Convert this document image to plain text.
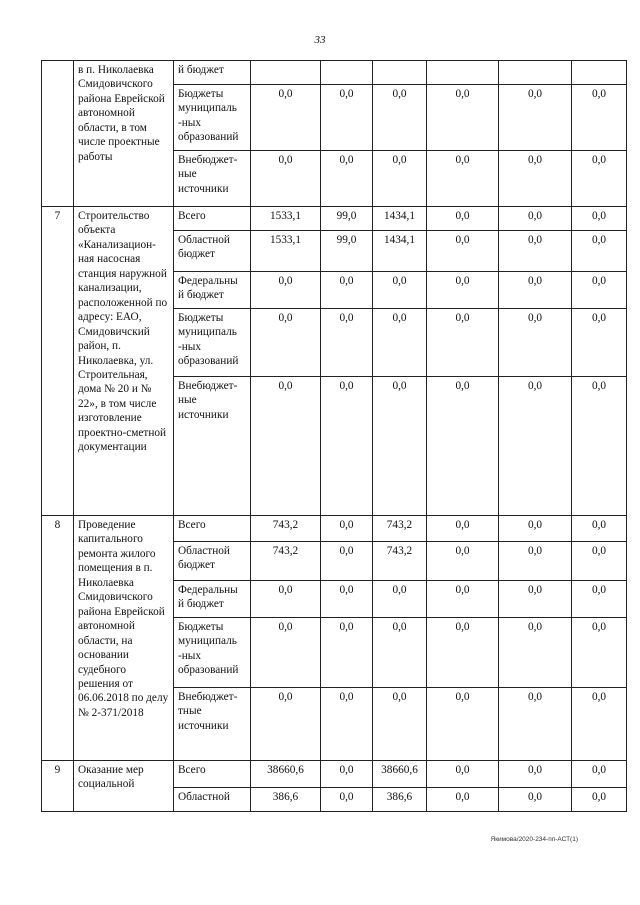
33
	в п. Николаевка Смидовичского района Еврейской автономной области, в том числе проектные работы	й бюджет						
		Бюджеты муниципаль -ных образований	0,0	0,0	0,0	0,0	0,0	0,0
		Внебюджет-ные источники	0,0	0,0	0,0	0,0	0,0	0,0
7	Строительство объекта «Канализацион-ная насосная станция наружной канализации, расположенной по адресу: ЕАО, Смидовичский район, п. Николаевка, ул. Строительная, дома № 20 и № 22», в том числе изготовление проектно-сметной документации	Всего	1533,1	99,0	1434,1	0,0	0,0	0,0
		Областной бюджет	1533,1	99,0	1434,1	0,0	0,0	0,0
		Федеральны й бюджет	0,0	0,0	0,0	0,0	0,0	0,0
		Бюджеты муниципаль -ных образований	0,0	0,0	0,0	0,0	0,0	0,0
		Внебюджет-ные источники	0,0	0,0	0,0	0,0	0,0	0,0
8	Проведение капитального ремонта жилого помещения в п. Николаевка Смидовичского района Еврейской автономной области, на основании судебного решения от 06.06.2018 по делу № 2-371/2018	Всего	743,2	0,0	743,2	0,0	0,0	0,0
		Областной бюджет	743,2	0,0	743,2	0,0	0,0	0,0
		Федеральны й бюджет	0,0	0,0	0,0	0,0	0,0	0,0
		Бюджеты муниципаль -ных образований	0,0	0,0	0,0	0,0	0,0	0,0
		Внебюджет-тные источники	0,0	0,0	0,0	0,0	0,0	0,0
9	Оказание мер социальной	Всего	38660,6	0,0	38660,6	0,0	0,0	0,0
		Областной	386,6	0,0	386,6	0,0	0,0	0,0
Якимова/2020-234-пп-АСТ(1)
